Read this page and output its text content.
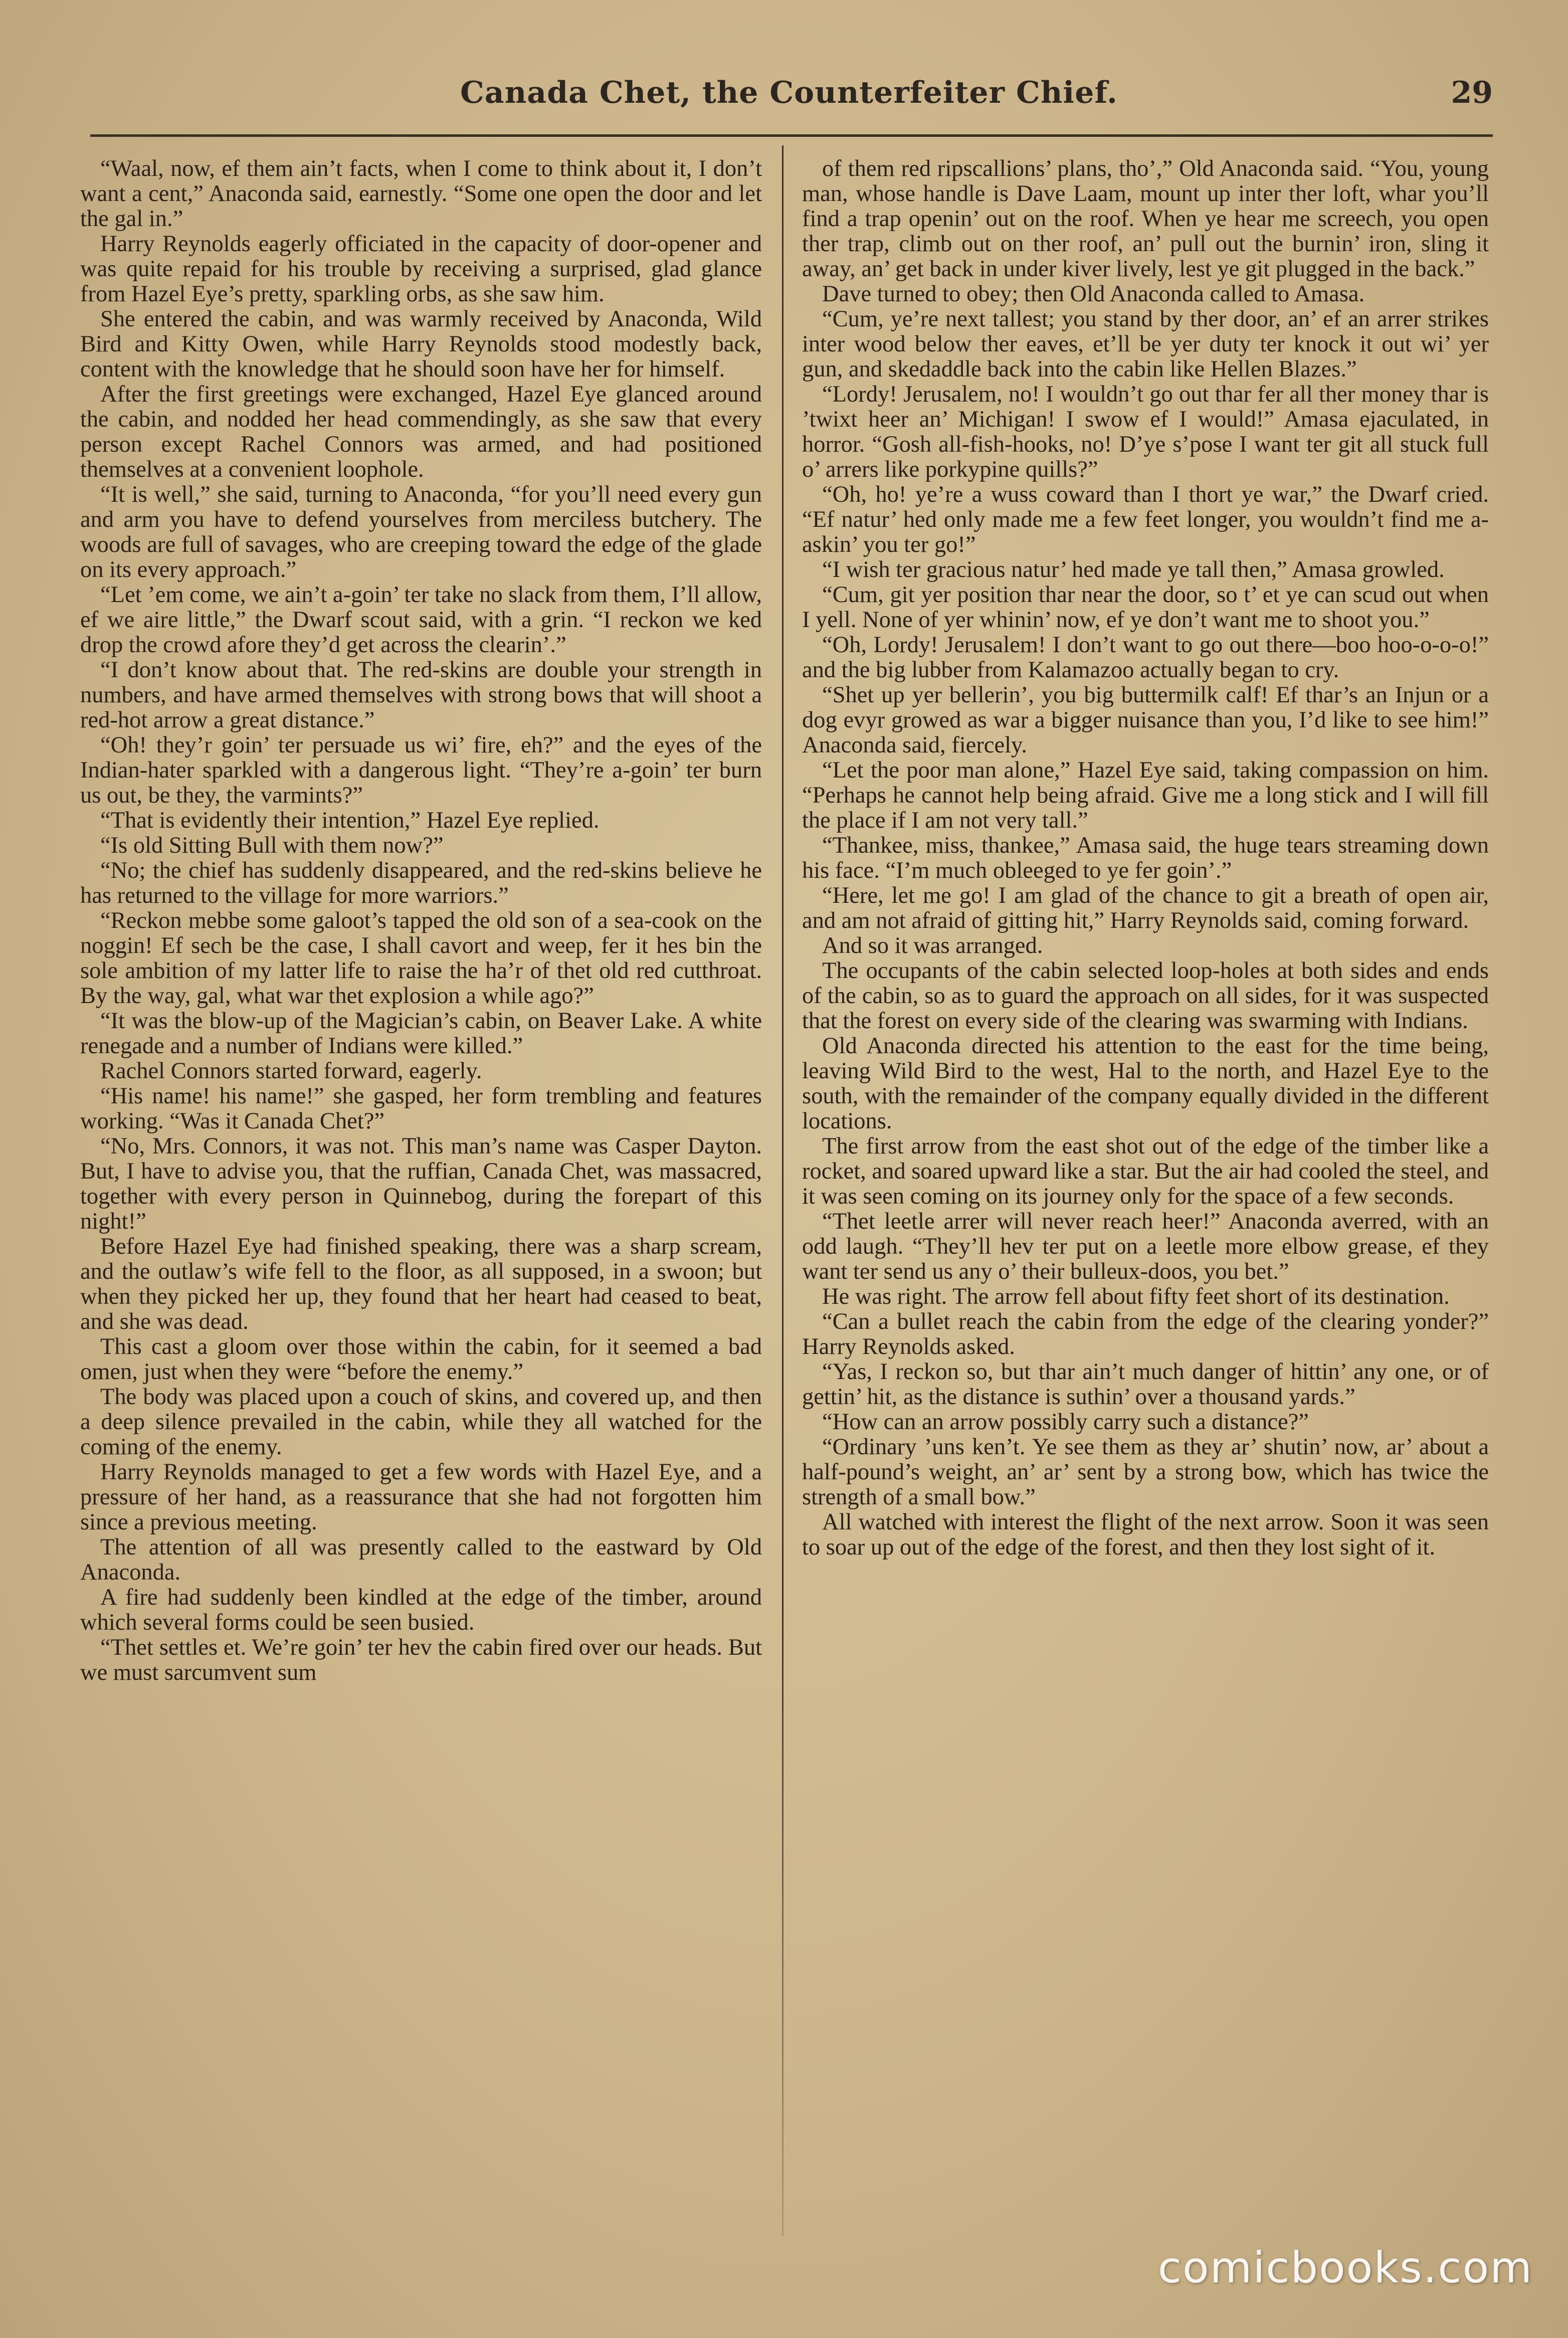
Canada Chet, the Counterfeiter Chief.	29

“Waal, now, ef them ain’t facts, when I come to think about it, I don’t want a cent,” Anaconda said, earnestly. “Some one open the door and let the gal in.”

Harry Reynolds eagerly officiated in the capacity of door-opener and was quite repaid for his trouble by receiving a surprised, glad glance from Hazel Eye’s pretty, sparkling orbs, as she saw him.

She entered the cabin, and was warmly received by Anaconda, Wild Bird and Kitty Owen, while Harry Reynolds stood modestly back, content with the knowledge that he should soon have her for himself.

After the first greetings were exchanged, Hazel Eye glanced around the cabin, and nodded her head commendingly, as she saw that every person except Rachel Connors was armed, and had positioned themselves at a convenient loophole.

“It is well,” she said, turning to Anaconda, “for you’ll need every gun and arm you have to defend yourselves from merciless butchery. The woods are full of savages, who are creeping toward the edge of the glade on its every approach.”

“Let ’em come, we ain’t a-goin’ ter take no slack from them, I’ll allow, ef we aire little,” the Dwarf scout said, with a grin. “I reckon we ked drop the crowd afore they’d get across the clearin’.”

“I don’t know about that. The red-skins are double your strength in numbers, and have armed themselves with strong bows that will shoot a red-hot arrow a great distance.”

“Oh! they’r goin’ ter persuade us wi’ fire, eh?” and the eyes of the Indian-hater sparkled with a dangerous light. “They’re a-goin’ ter burn us out, be they, the varmints?”

“That is evidently their intention,” Hazel Eye replied.

“Is old Sitting Bull with them now?”

“No; the chief has suddenly disappeared, and the red-skins believe he has returned to the village for more warriors.”

“Reckon mebbe some galoot’s tapped the old son of a sea-cook on the noggin! Ef sech be the case, I shall cavort and weep, fer it hes bin the sole ambition of my latter life to raise the ha’r of thet old red cutthroat. By the way, gal, what war thet explosion a while ago?”

“It was the blow-up of the Magician’s cabin, on Beaver Lake. A white renegade and a number of Indians were killed.”

Rachel Connors started forward, eagerly.

“His name! his name!” she gasped, her form trembling and features working. “Was it Canada Chet?”

“No, Mrs. Connors, it was not. This man’s name was Casper Dayton. But, I have to advise you, that the ruffian, Canada Chet, was massacred, together with every person in Quinnebog, during the forepart of this night!”

Before Hazel Eye had finished speaking, there was a sharp scream, and the outlaw’s wife fell to the floor, as all supposed, in a swoon; but when they picked her up, they found that her heart had ceased to beat, and she was dead.

This cast a gloom over those within the cabin, for it seemed a bad omen, just when they were “before the enemy.”

The body was placed upon a couch of skins, and covered up, and then a deep silence prevailed in the cabin, while they all watched for the coming of the enemy.

Harry Reynolds managed to get a few words with Hazel Eye, and a pressure of her hand, as a reassurance that she had not forgotten him since a previous meeting.

The attention of all was presently called to the eastward by Old Anaconda.

A fire had suddenly been kindled at the edge of the timber, around which several forms could be seen busied.

“Thet settles et. We’re goin’ ter hev the cabin fired over our heads. But we must sarcumvent sum

of them red ripscallions’ plans, tho’,” Old Anaconda said. “You, young man, whose handle is Dave Laam, mount up inter ther loft, whar you’ll find a trap openin’ out on the roof. When ye hear me screech, you open ther trap, climb out on ther roof, an’ pull out the burnin’ iron, sling it away, an’ get back in under kiver lively, lest ye git plugged in the back.”

Dave turned to obey; then Old Anaconda called to Amasa.

“Cum, ye’re next tallest; you stand by ther door, an’ ef an arrer strikes inter wood below ther eaves, et’ll be yer duty ter knock it out wi’ yer gun, and skedaddle back into the cabin like Hellen Blazes.”

“Lordy! Jerusalem, no! I wouldn’t go out thar fer all ther money thar is ’twixt heer an’ Michigan! I swow ef I would!” Amasa ejaculated, in horror. “Gosh all-fish-hooks, no! D’ye s’pose I want ter git all stuck full o’ arrers like porkypine quills?”

“Oh, ho! ye’re a wuss coward than I thort ye war,” the Dwarf cried. “Ef natur’ hed only made me a few feet longer, you wouldn’t find me a-askin’ you ter go!”

“I wish ter gracious natur’ hed made ye tall then,” Amasa growled.

“Cum, git yer position thar near the door, so t’ et ye can scud out when I yell. None of yer whinin’ now, ef ye don’t want me to shoot you.”

“Oh, Lordy! Jerusalem! I don’t want to go out there—boo hoo-o-o-o!” and the big lubber from Kalamazoo actually began to cry.

“Shet up yer bellerin’, you big buttermilk calf! Ef thar’s an Injun or a dog evyr growed as war a bigger nuisance than you, I’d like to see him!” Anaconda said, fiercely.

“Let the poor man alone,” Hazel Eye said, taking compassion on him. “Perhaps he cannot help being afraid. Give me a long stick and I will fill the place if I am not very tall.”

“Thankee, miss, thankee,” Amasa said, the huge tears streaming down his face. “I’m much obleeged to ye fer goin’.”

“Here, let me go! I am glad of the chance to git a breath of open air, and am not afraid of gitting hit,” Harry Reynolds said, coming forward.

And so it was arranged.

The occupants of the cabin selected loop-holes at both sides and ends of the cabin, so as to guard the approach on all sides, for it was suspected that the forest on every side of the clearing was swarming with Indians.

Old Anaconda directed his attention to the east for the time being, leaving Wild Bird to the west, Hal to the north, and Hazel Eye to the south, with the remainder of the company equally divided in the different locations.

The first arrow from the east shot out of the edge of the timber like a rocket, and soared upward like a star. But the air had cooled the steel, and it was seen coming on its journey only for the space of a few seconds.

“Thet leetle arrer will never reach heer!” Anaconda averred, with an odd laugh. “They’ll hev ter put on a leetle more elbow grease, ef they want ter send us any o’ their bulleux-doos, you bet.”

He was right. The arrow fell about fifty feet short of its destination.

“Can a bullet reach the cabin from the edge of the clearing yonder?” Harry Reynolds asked.

“Yas, I reckon so, but thar ain’t much danger of hittin’ any one, or of gettin’ hit, as the distance is suthin’ over a thousand yards.”

“How can an arrow possibly carry such a distance?”

“Ordinary ’uns ken’t. Ye see them as they ar’ shutin’ now, ar’ about a half-pound’s weight, an’ ar’ sent by a strong bow, which has twice the strength of a small bow.”

All watched with interest the flight of the next arrow. Soon it was seen to soar up out of the edge of the forest, and then they lost sight of it.

comicbooks.com
